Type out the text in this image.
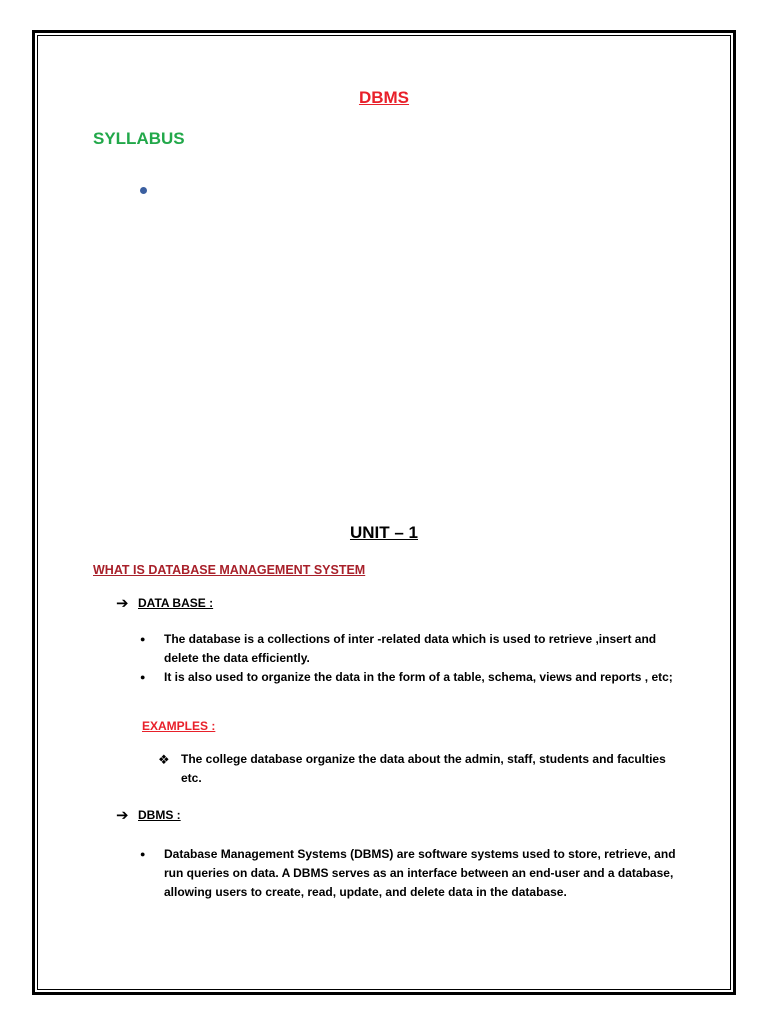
DBMS
SYLLABUS
UNIT – 1
WHAT IS DATABASE MANAGEMENT SYSTEM
➔ DATA BASE :
●	The database is a collections of inter -related data which is used to retrieve ,insert and delete the data efficiently.
●	It is also used to organize the data in the form of a table, schema, views and reports , etc;
EXAMPLES :
❖ The college database organize the data about the admin, staff, students and faculties etc.
➔ DBMS :
●	Database Management Systems (DBMS) are software systems used to store, retrieve, and run queries on data. A DBMS serves as an interface between an end-user and a database, allowing users to create, read, update, and delete data in the database.
